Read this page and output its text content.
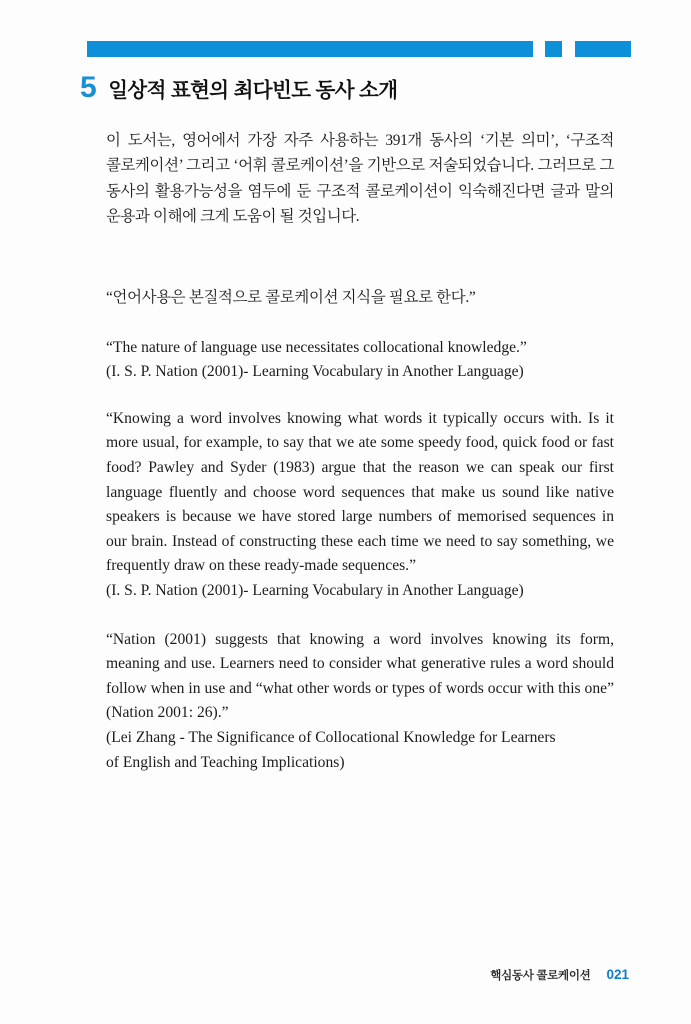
5 일상적 표현의 최다빈도 동사 소개

이 도서는, 영어에서 가장 자주 사용하는 391개 동사의 ‘기본 의미’, ‘구조적 콜로케이션’ 그리고 ‘어휘 콜로케이션’을 기반으로 저술되었습니다. 그러므로 그 동사의 활용가능성을 염두에 둔 구조적 콜로케이션이 익숙해진다면 글과 말의 운용과 이해에 크게 도움이 될 것입니다.

“언어사용은 본질적으로 콜로케이션 지식을 필요로 한다.”

“The nature of language use necessitates collocational knowledge.”
(I. S. P. Nation (2001)- Learning Vocabulary in Another Language)
“Knowing a word involves knowing what words it typically occurs with. Is it more usual, for example, to say that we ate some speedy food, quick food or fast food? Pawley and Syder (1983) argue that the reason we can speak our first language fluently and choose word sequences that make us sound like native speakers is because we have stored large numbers of memorised sequences in our brain. Instead of constructing these each time we need to say something, we frequently draw on these ready-made sequences.”
(I. S. P. Nation (2001)- Learning Vocabulary in Another Language)
“Nation (2001) suggests that knowing a word involves knowing its form, meaning and use. Learners need to consider what generative rules a word should follow when in use and “what other words or types of words occur with this one” (Nation 2001: 26).”
(Lei Zhang - The Significance of Collocational Knowledge for Learners
of English and Teaching Implications)
핵심동사 콜로케이션 021
